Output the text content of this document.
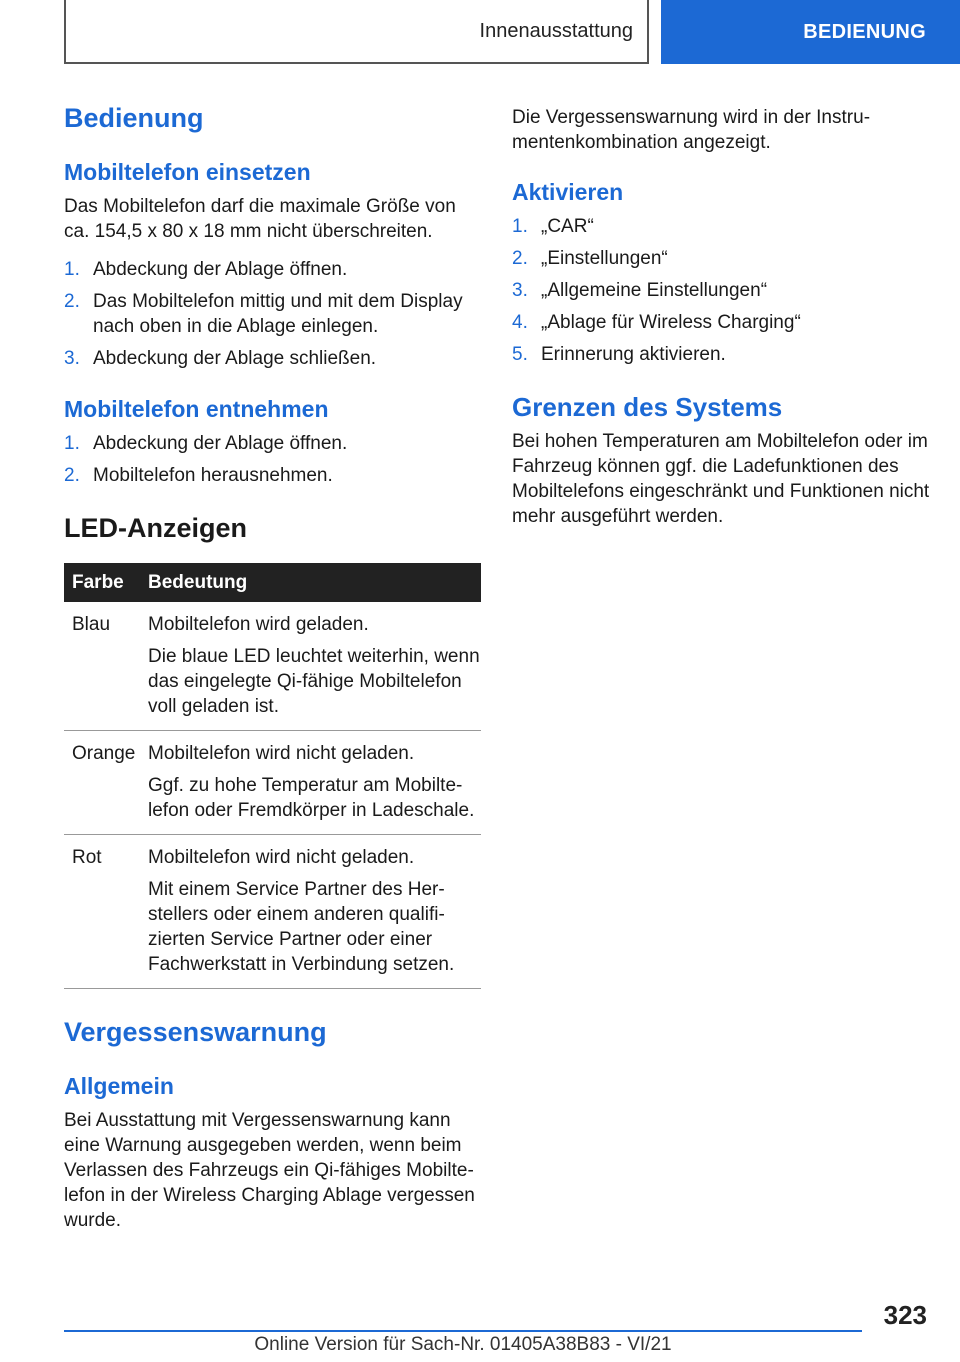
Innenausstattung	BEDIENUNG
Bedienung
Mobiltelefon einsetzen

Das Mobiltelefon darf die maximale Größe von ca. 154,5 x 80 x 18 mm nicht überschreiten.

1. Abdeckung der Ablage öffnen.
2. Das Mobiltelefon mittig und mit dem Display nach oben in die Ablage einlegen.
3. Abdeckung der Ablage schließen.
Mobiltelefon entnehmen
1. Abdeckung der Ablage öffnen.
2. Mobiltelefon herausnehmen.
LED-Anzeigen
Farbe	Bedeutung
Blau	Mobiltelefon wird geladen.
Die blaue LED leuchtet weiterhin, wenn das eingelegte Qi-fähige Mobiltelefon voll geladen ist.

Orange	Mobiltelefon wird nicht geladen.
Ggf. zu hohe Temperatur am Mobiltelefon oder Fremdkörper in Ladeschale.

Rot	Mobiltelefon wird nicht geladen.
Mit einem Service Partner des Herstellers oder einem anderen qualifizierten Service Partner oder einer Fachwerkstatt in Verbindung setzen.
Vergessenswarnung
Allgemein

Bei Ausstattung mit Vergessenswarnung kann eine Warnung ausgegeben werden, wenn beim Verlassen des Fahrzeugs ein Qi-fähiges Mobiltelefon in der Wireless Charging Ablage vergessen wurde.

Die Vergessenswarnung wird in der Instrumentenkombination angezeigt.

Aktivieren
1. „CAR“
2. „Einstellungen“
3. „Allgemeine Einstellungen“
4. „Ablage für Wireless Charging“
5. Erinnerung aktivieren.
Grenzen des Systems

Bei hohen Temperaturen am Mobiltelefon oder im Fahrzeug können ggf. die Ladefunktionen des Mobiltelefons eingeschränkt und Funktionen nicht mehr ausgeführt werden.

323
Online Version für Sach-Nr. 01405A38B83 - VI/21
